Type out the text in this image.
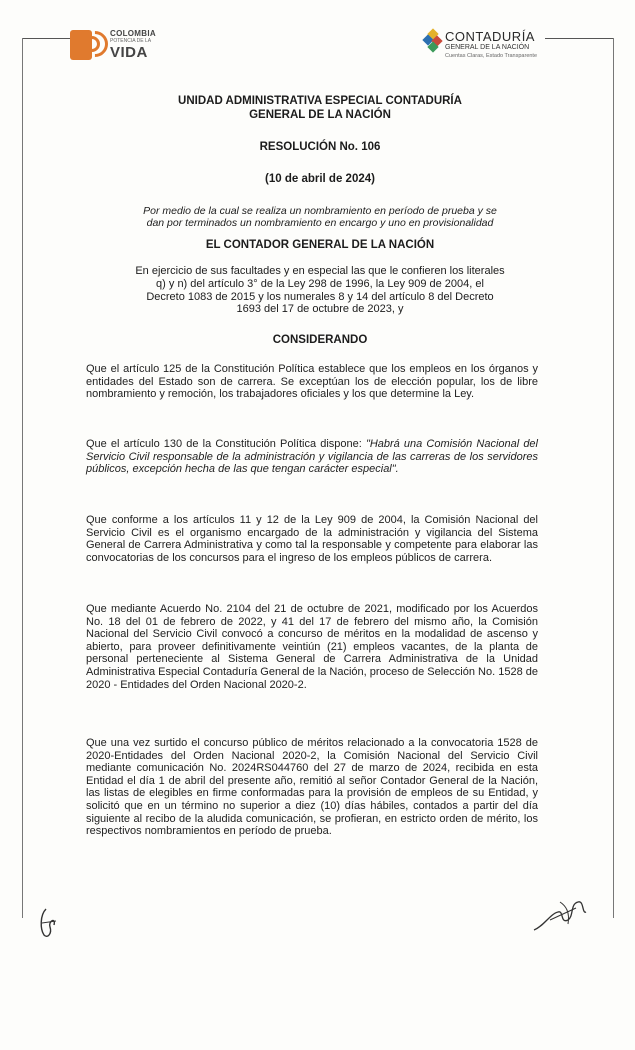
COLOMBIA
POTENCIA DE LA
VIDA
CONTADURÍA
GENERAL DE LA NACIÓN
Cuentas Claras, Estado Transparente
UNIDAD ADMINISTRATIVA ESPECIAL CONTADURÍA
GENERAL DE LA NACIÓN
RESOLUCIÓN No. 106
(10 de abril de 2024)
Por medio de la cual se realiza un nombramiento en período de prueba y se
dan por terminados un nombramiento en encargo y uno en provisionalidad
EL CONTADOR GENERAL DE LA NACIÓN
En ejercicio de sus facultades y en especial las que le confieren los literales
q) y n) del artículo 3° de la Ley 298 de 1996, la Ley 909 de 2004, el
Decreto 1083 de 2015 y los numerales 8 y 14 del artículo 8 del Decreto
1693 del 17 de octubre de 2023, y
CONSIDERANDO
Que el artículo 125 de la Constitución Política establece que los empleos en los órganos y entidades del Estado son de carrera. Se exceptúan los de elección popular, los de libre nombramiento y remoción, los trabajadores oficiales y los que determine la Ley.
Que el artículo 130 de la Constitución Política dispone: "Habrá una Comisión Nacional del Servicio Civil responsable de la administración y vigilancia de las carreras de los servidores públicos, excepción hecha de las que tengan carácter especial".
Que conforme a los artículos 11 y 12 de la Ley 909 de 2004, la Comisión Nacional del Servicio Civil es el organismo encargado de la administración y vigilancia del Sistema General de Carrera Administrativa y como tal la responsable y competente para elaborar las convocatorias de los concursos para el ingreso de los empleos públicos de carrera.
Que mediante Acuerdo No. 2104 del 21 de octubre de 2021, modificado por los Acuerdos No. 18 del 01 de febrero de 2022, y 41 del 17 de febrero del mismo año, la Comisión Nacional del Servicio Civil convocó a concurso de méritos en la modalidad de ascenso y abierto, para proveer definitivamente veintiún (21) empleos vacantes, de la planta de personal perteneciente al Sistema General de Carrera Administrativa de la Unidad Administrativa Especial Contaduría General de la Nación, proceso de Selección No. 1528 de 2020 - Entidades del Orden Nacional 2020-2.
Que una vez surtido el concurso público de méritos relacionado a la convocatoria 1528 de 2020-Entidades del Orden Nacional 2020-2, la Comisión Nacional del Servicio Civil mediante comunicación No. 2024RS044760 del 27 de marzo de 2024, recibida en esta Entidad el día 1 de abril del presente año, remitió al señor Contador General de la Nación, las listas de elegibles en firme conformadas para la provisión de empleos de su Entidad, y solicitó que en un término no superior a diez (10) días hábiles, contados a partir del día siguiente al recibo de la aludida comunicación, se profieran, en estricto orden de mérito, los respectivos nombramientos en período de prueba.
